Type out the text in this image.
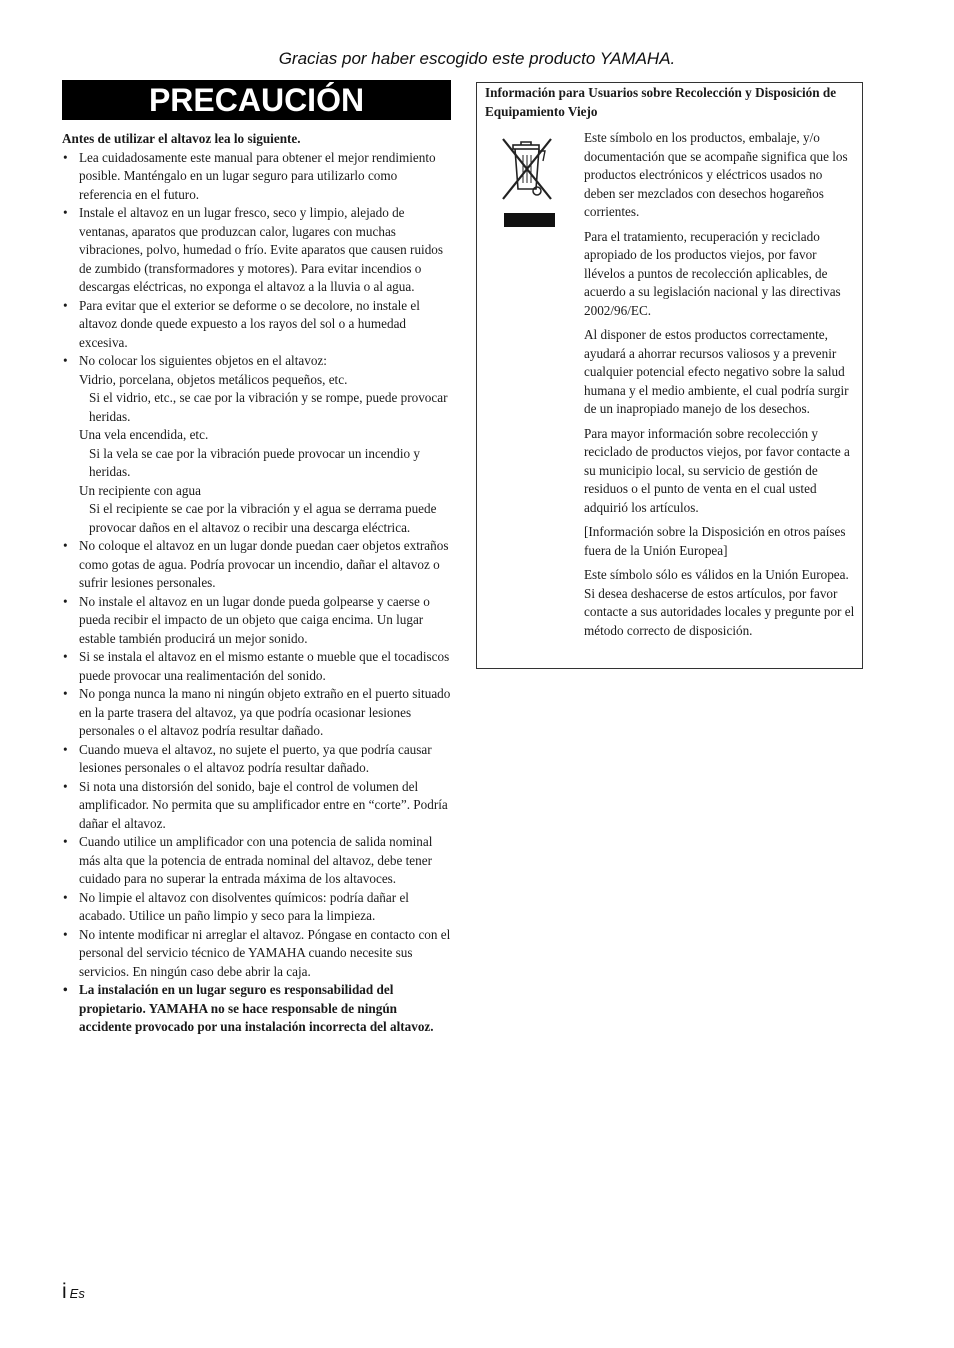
Gracias por haber escogido este producto YAMAHA.
PRECAUCIÓN
Antes de utilizar el altavoz lea lo siguiente.
• Lea cuidadosamente este manual para obtener el mejor rendimiento posible. Manténgalo en un lugar seguro para utilizarlo como referencia en el futuro.
• Instale el altavoz en un lugar fresco, seco y limpio, alejado de ventanas, aparatos que produzcan calor, lugares con muchas vibraciones, polvo, humedad o frío. Evite aparatos que causen ruidos de zumbido (transformadores y motores). Para evitar incendios o descargas eléctricas, no exponga el altavoz a la lluvia o al agua.
• Para evitar que el exterior se deforme o se decolore, no instale el altavoz donde quede expuesto a los rayos del sol o a humedad excesiva.
• No colocar los siguientes objetos en el altavoz:
Vidrio, porcelana, objetos metálicos pequeños, etc.
Si el vidrio, etc., se cae por la vibración y se rompe, puede provocar heridas.
Una vela encendida, etc.
Si la vela se cae por la vibración puede provocar un incendio y heridas.
Un recipiente con agua
Si el recipiente se cae por la vibración y el agua se derrama puede provocar daños en el altavoz o recibir una descarga eléctrica.
• No coloque el altavoz en un lugar donde puedan caer objetos extraños como gotas de agua. Podría provocar un incendio, dañar el altavoz o sufrir lesiones personales.
• No instale el altavoz en un lugar donde pueda golpearse y caerse o pueda recibir el impacto de un objeto que caiga encima. Un lugar estable también producirá un mejor sonido.
• Si se instala el altavoz en el mismo estante o mueble que el tocadiscos puede provocar una realimentación del sonido.
• No ponga nunca la mano ni ningún objeto extraño en el puerto situado en la parte trasera del altavoz, ya que podría ocasionar lesiones personales o el altavoz podría resultar dañado.
• Cuando mueva el altavoz, no sujete el puerto, ya que podría causar lesiones personales o el altavoz podría resultar dañado.
• Si nota una distorsión del sonido, baje el control de volumen del amplificador. No permita que su amplificador entre en “corte”. Podría dañar el altavoz.
• Cuando utilice un amplificador con una potencia de salida nominal más alta que la potencia de entrada nominal del altavoz, debe tener cuidado para no superar la entrada máxima de los altavoces.
• No limpie el altavoz con disolventes químicos: podría dañar el acabado. Utilice un paño limpio y seco para la limpieza.
• No intente modificar ni arreglar el altavoz. Póngase en contacto con el personal del servicio técnico de YAMAHA cuando necesite sus servicios. En ningún caso debe abrir la caja.
• La instalación en un lugar seguro es responsabilidad del propietario. YAMAHA no se hace responsable de ningún accidente provocado por una instalación incorrecta del altavoz.
Información para Usuarios sobre Recolección y Disposición de Equipamiento Viejo

Este símbolo en los productos, embalaje, y/o documentación que se acompañe significa que los productos electrónicos y eléctricos usados no deben ser mezclados con desechos hogareños corrientes.

Para el tratamiento, recuperación y reciclado apropiado de los productos viejos, por favor llévelos a puntos de recolección aplicables, de acuerdo a su legislación nacional y las directivas 2002/96/EC.

Al disponer de estos productos correctamente, ayudará a ahorrar recursos valiosos y a prevenir cualquier potencial efecto negativo sobre la salud humana y el medio ambiente, el cual podría surgir de un inapropiado manejo de los desechos.

Para mayor información sobre recolección y reciclado de productos viejos, por favor contacte a su municipio local, su servicio de gestión de residuos o el punto de venta en el cual usted adquirió los artículos.

[Información sobre la Disposición en otros países fuera de la Unión Europea]

Este símbolo sólo es válidos en la Unión Europea. Si desea deshacerse de estos artículos, por favor contacte a sus autoridades locales y pregunte por el método correcto de disposición.

i Es
